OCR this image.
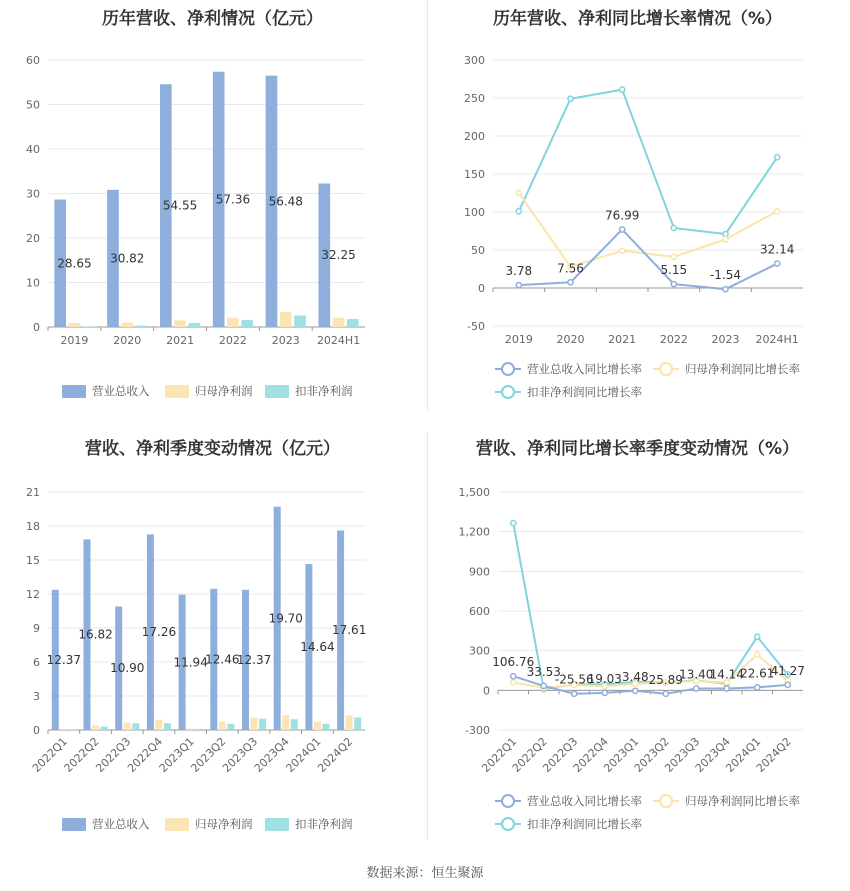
历年营收、净利情况（亿元）
0
10
20
30
40
50
60
2019 2020 2021 2022 2023 2024H1
28.65 30.82
54.55 57.36 56.48
32.25
营业总收入	归母净利润	扣非净利润
历年营收、净利同比增长率情况（%）
-50
0
50
100
150
200
250
300
2019 2020 2021 2022 2023 2024H1
3.78 7.56
76.99
5.15 -1.54
32.14
营业总收入同比增长率	归母净利润同比增长率
扣非净利润同比增长率
营收、净利季度变动情况（亿元）
0
3
6
9
12
15
18
21
2022Q1
2022Q2
2022Q3
2022Q4
2023Q1
2023Q2
2023Q3
2023Q4
2024Q1
2024Q2
12.37
16.82
10.90
17.26
11.94
12.46
12.37
19.70
14.64
17.61
营业总收入	归母净利润	扣非净利润
营收、净利同比增长率季度变动情况（%）
-300
0
300
600
900
1,200
1,500
2022Q1
2022Q2
2022Q3
2022Q4
2023Q1
2023Q2
2023Q3
2023Q4
2024Q1
2024Q2
106.76
33.53
-25.56
19.03 3.48 25.89
13.40
14.14
22.61
41.27
营业总收入同比增长率	归母净利润同比增长率
扣非净利润同比增长率
数据来源：恒生聚源
